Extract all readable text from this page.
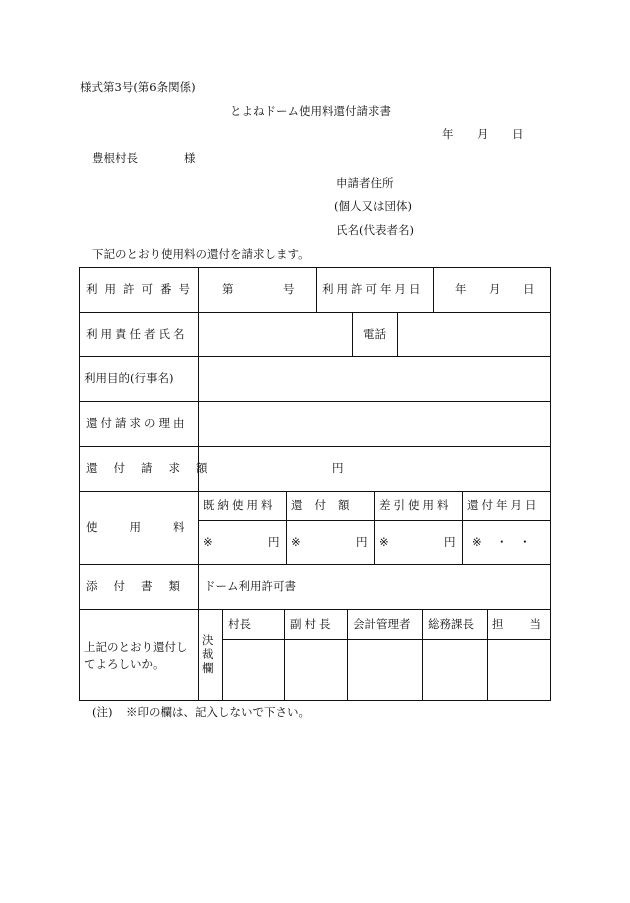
様式第3号(第6条関係)
とよねドーム使用料還付請求書
年 月 日
豊根村長	様
申請者住所
(個人又は団体)
氏名(代表者名)
下記のとおり使用料の還付を請求します。
利用許可番号 第	号 利用許可年月日	年 月 日
利用責任者氏名	電話
利用目的(行事名)
還付請求の理由
還付請求額	円
使用料
既納使用料 還付額 差引使用料 還付年月日
※	円 ※	円 ※	円 ※ ・ ・
添付書類 ドーム利用許可書
上記のとおり還付してよろしいか。
決裁欄
村長	副村長 会計管理者 総務課長 担当
(注) ※印の欄は、記入しないで下さい。
